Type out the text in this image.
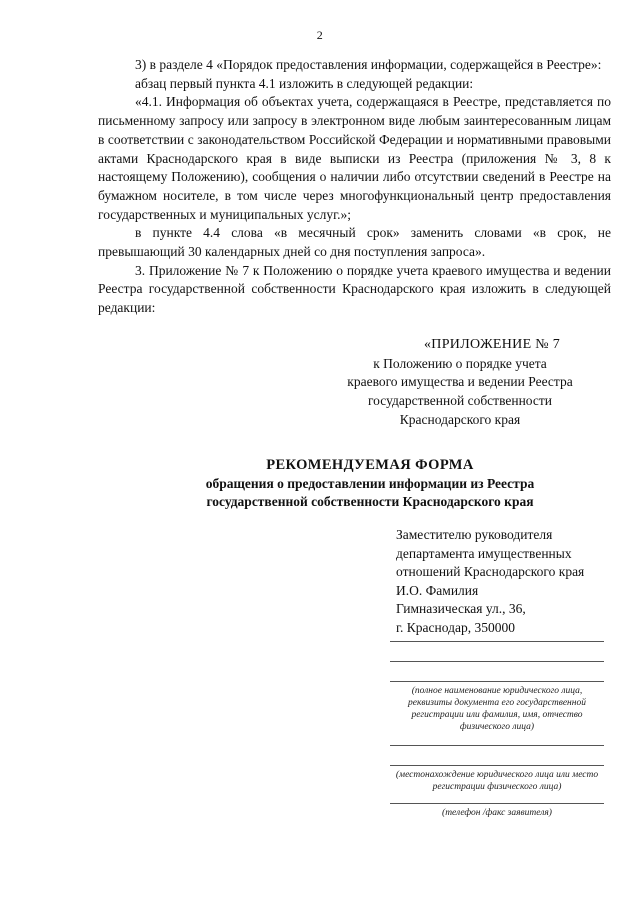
2

3) в разделе 4 «Порядок предоставления информации, содержащейся в Реестре»:

абзац первый пункта 4.1 изложить в следующей редакции:

«4.1. Информация об объектах учета, содержащаяся в Реестре, представляется по письменному запросу или запросу в электронном виде любым заинтересованным лицам в соответствии с законодательством Российской Федерации и нормативными правовыми актами Краснодарского края в виде выписки из Реестра (приложения № 3, 8 к настоящему Положению), сообщения о наличии либо отсутствии сведений в Реестре на бумажном носителе, в том числе через многофункциональный центр предоставления государственных и муниципальных услуг.»;

в пункте 4.4 слова «в месячный срок» заменить словами «в срок, не превышающий 30 календарных дней со дня поступления запроса».

3. Приложение № 7 к Положению о порядке учета краевого имущества и ведении Реестра государственной собственности Краснодарского края изложить в следующей редакции:

«ПРИЛОЖЕНИЕ № 7
к Положению о порядке учета
краевого имущества и ведении Реестра
государственной собственности
Краснодарского края
РЕКОМЕНДУЕМАЯ ФОРМА
обращения о предоставлении информации из Реестра
государственной собственности Краснодарского края
Заместителю руководителя
департамента имущественных
отношений Краснодарского края
И.О. Фамилия
Гимназическая ул., 36,
г. Краснодар, 350000
(полное наименование юридического лица, реквизиты документа его государственной регистрации или фамилия, имя, отчество физического лица)
(местонахождение юридического лица или место регистрации физического лица)
(телефон /факс заявителя)
